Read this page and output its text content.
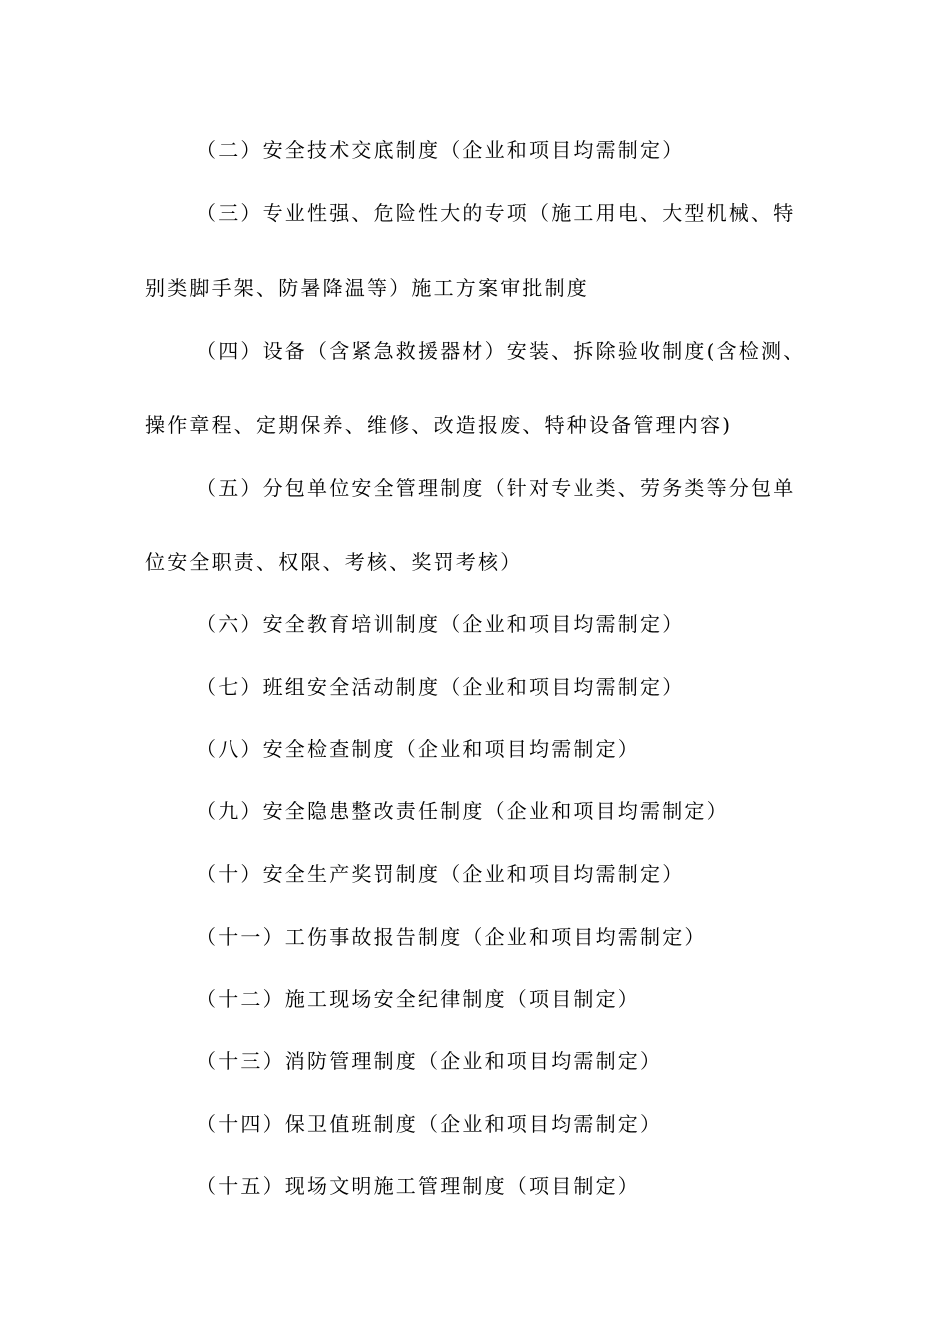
（二）安全技术交底制度（企业和项目均需制定）
（三）专业性强、危险性大的专项（施工用电、大型机械、特
别类脚手架、防暑降温等）施工方案审批制度
（四）设备（含紧急救援器材）安装、拆除验收制度(含检测、
操作章程、定期保养、维修、改造报废、特种设备管理内容)
（五）分包单位安全管理制度（针对专业类、劳务类等分包单
位安全职责、权限、考核、奖罚考核）
（六）安全教育培训制度（企业和项目均需制定）
（七）班组安全活动制度（企业和项目均需制定）
（八）安全检查制度（企业和项目均需制定）
（九）安全隐患整改责任制度（企业和项目均需制定）
（十）安全生产奖罚制度（企业和项目均需制定）
（十一）工伤事故报告制度（企业和项目均需制定）
（十二）施工现场安全纪律制度（项目制定）
（十三）消防管理制度（企业和项目均需制定）
（十四）保卫值班制度（企业和项目均需制定）
（十五）现场文明施工管理制度（项目制定）
